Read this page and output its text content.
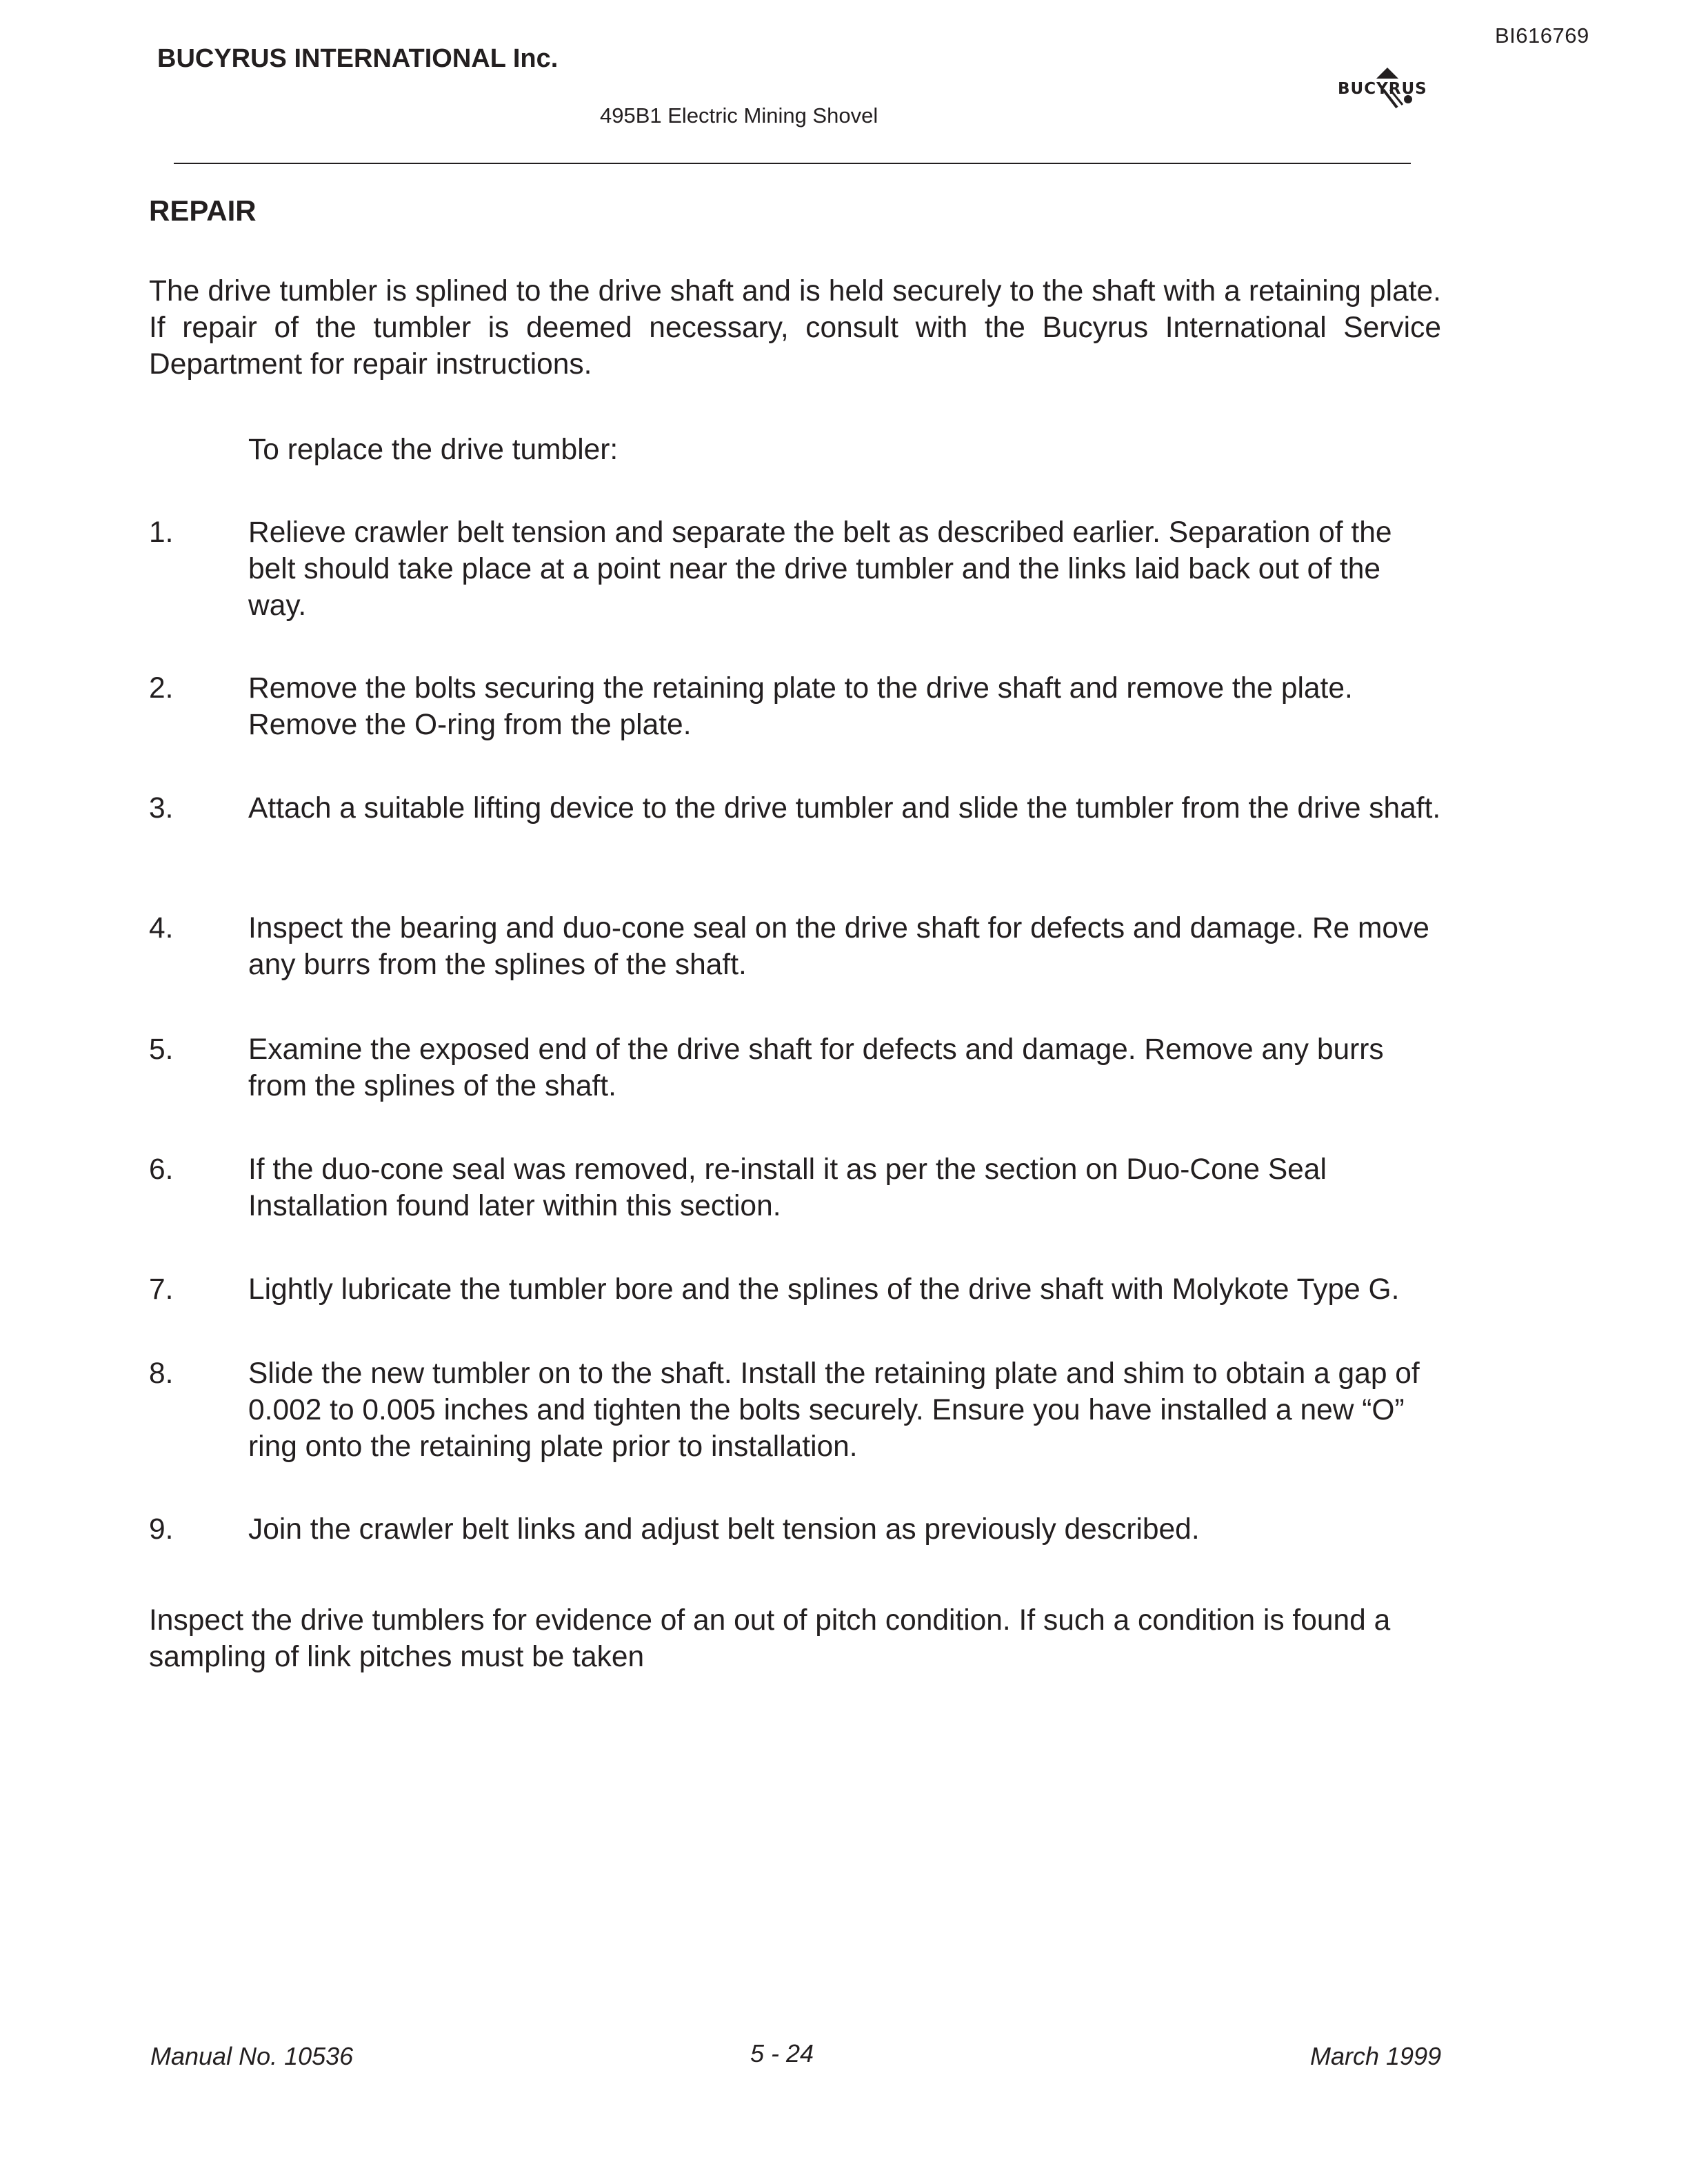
BI616769
BUCYRUS INTERNATIONAL Inc.
495B1 Electric Mining Shovel
BUCYRUS
REPAIR
The drive tumbler is splined to the drive shaft and is held securely to the shaft with a retaining plate. If repair of the tumbler is deemed necessary, consult with the Bucyrus International Service Department for repair instructions.
To replace the drive tumbler:
1.	Relieve crawler belt tension and separate the belt as described earlier. Separation of the belt should take place at a point near the drive tumbler and the links laid back out of the way.
2.	Remove the bolts securing the retaining plate to the drive shaft and remove the plate. Remove the O-ring from the plate.
3.	Attach a suitable lifting device to the drive tumbler and slide the tumbler from the drive shaft.
4.	Inspect the bearing and duo-cone seal on the drive shaft for defects and damage. Re move any burrs from the splines of the shaft.
5.	Examine the exposed end of the drive shaft for defects and damage. Remove any burrs from the splines of the shaft.
6.	If the duo-cone seal was removed, re-install it as per the section on Duo-Cone Seal Installation found later within this section.
7.	Lightly lubricate the tumbler bore and the splines of the drive shaft with Molykote Type G.
8.	Slide the new tumbler on to the shaft. Install the retaining plate and shim to obtain a gap of 0.002 to 0.005 inches and tighten the bolts securely. Ensure you have installed a new “O” ring onto the retaining plate prior to installation.
9.	Join the crawler belt links and adjust belt tension as previously described.
Inspect the drive tumblers for evidence of an out of pitch condition. If such a condition is found a sampling of link pitches must be taken
Manual No. 10536	5 - 24	March 1999
